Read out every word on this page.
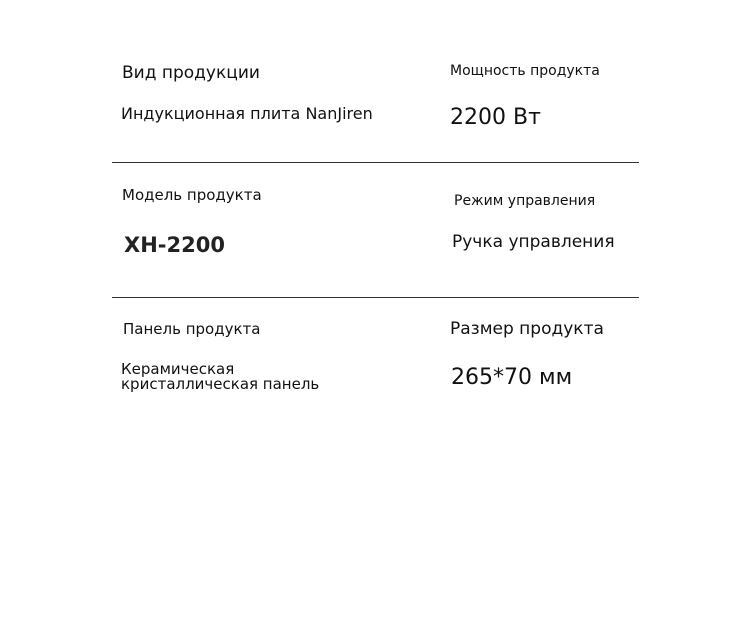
Вид продукции
Индукционная плита NanJiren
Мощность продукта
2200 Вт
Модель продукта
XH-2200
Режим управления
Ручка управления
Панель продукта
Керамическая
кристаллическая панель
Размер продукта
265*70 мм
